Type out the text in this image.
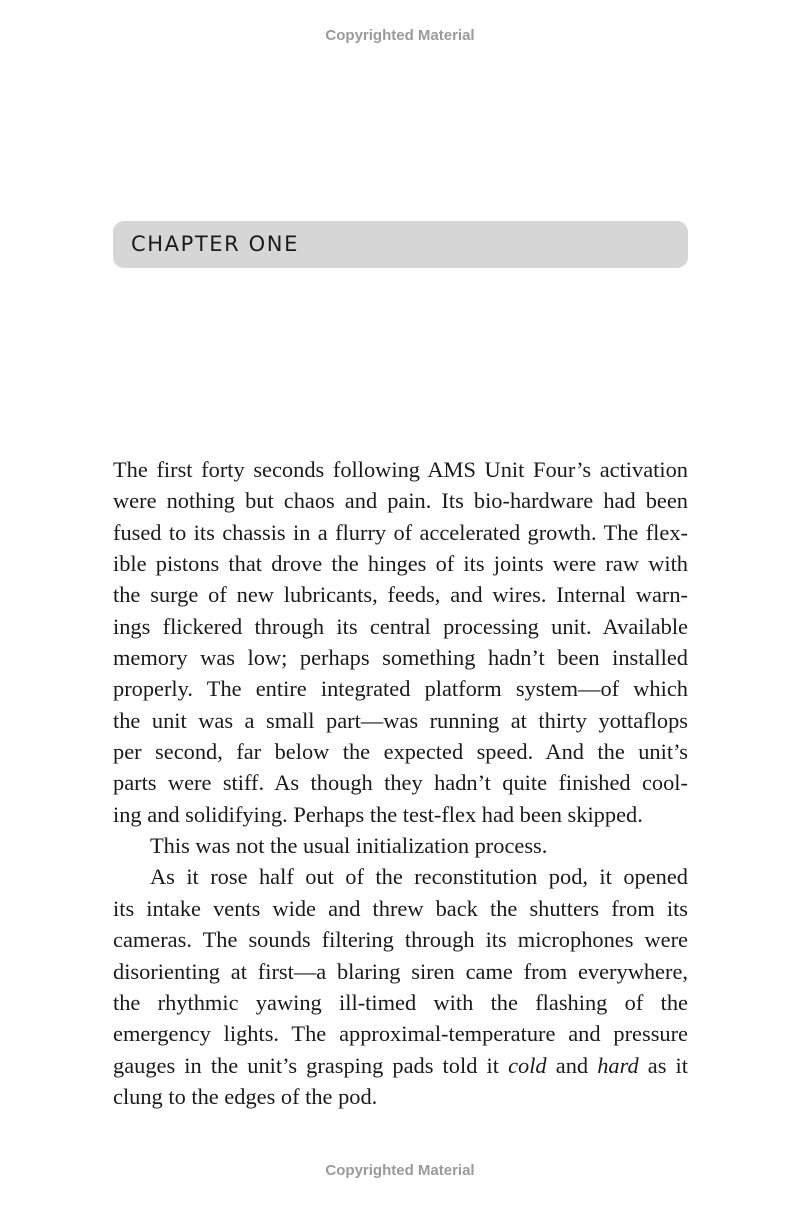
Copyrighted Material
CHAPTER ONE
The first forty seconds following AMS Unit Four’s activation
were nothing but chaos and pain. Its bio-hardware had been
fused to its chassis in a flurry of accelerated growth. The flex-
ible pistons that drove the hinges of its joints were raw with
the surge of new lubricants, feeds, and wires. Internal warn-
ings flickered through its central processing unit. Available
memory was low; perhaps something hadn’t been installed
properly. The entire integrated platform system—of which
the unit was a small part—was running at thirty yottaflops
per second, far below the expected speed. And the unit’s
parts were stiff. As though they hadn’t quite finished cool-
ing and solidifying. Perhaps the test-flex had been skipped.
This was not the usual initialization process.
As it rose half out of the reconstitution pod, it opened
its intake vents wide and threw back the shutters from its
cameras. The sounds filtering through its microphones were
disorienting at first—a blaring siren came from everywhere,
the rhythmic yawing ill-timed with the flashing of the
emergency lights. The approximal-temperature and pressure
gauges in the unit’s grasping pads told it cold and hard as it
clung to the edges of the pod.
Copyrighted Material
